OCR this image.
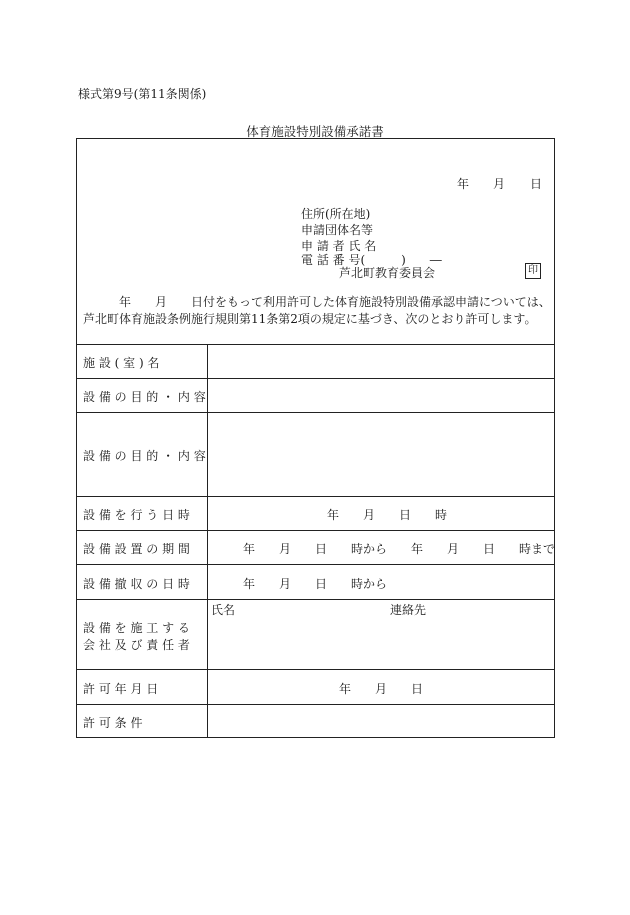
様式第9号(第11条関係)
体育施設特別設備承諾書
年 月 日
住所(所在地)
申請団体名等
申 請 者 氏 名
電 話 番 号(　　　)　　―
芦北町教育委員会	印
　　　年　　月　　日付をもって利用許可した体育施設特別設備承認申請については、芦北町体育施設条例施行規則第11条第2項の規定に基づき、次のとおり許可します。
施 設 ( 室 ) 名
設 備 の 目 的 ・ 内 容
設 備 の 目 的 ・ 内 容
設 備 を 行 う 日 時
設 備 設 置 の 期 間
設 備 撤 収 の 日 時
設 備 を 施 工 す る
会 社 及 び 責 任 者
許 可 年 月 日
許 可 条 件
年　　月　　日　　時
年　　月　　日　　時から　　年　　月　　日　　時まで
年　　月　　日　　時から
氏名	連絡先
年　　月　　日
